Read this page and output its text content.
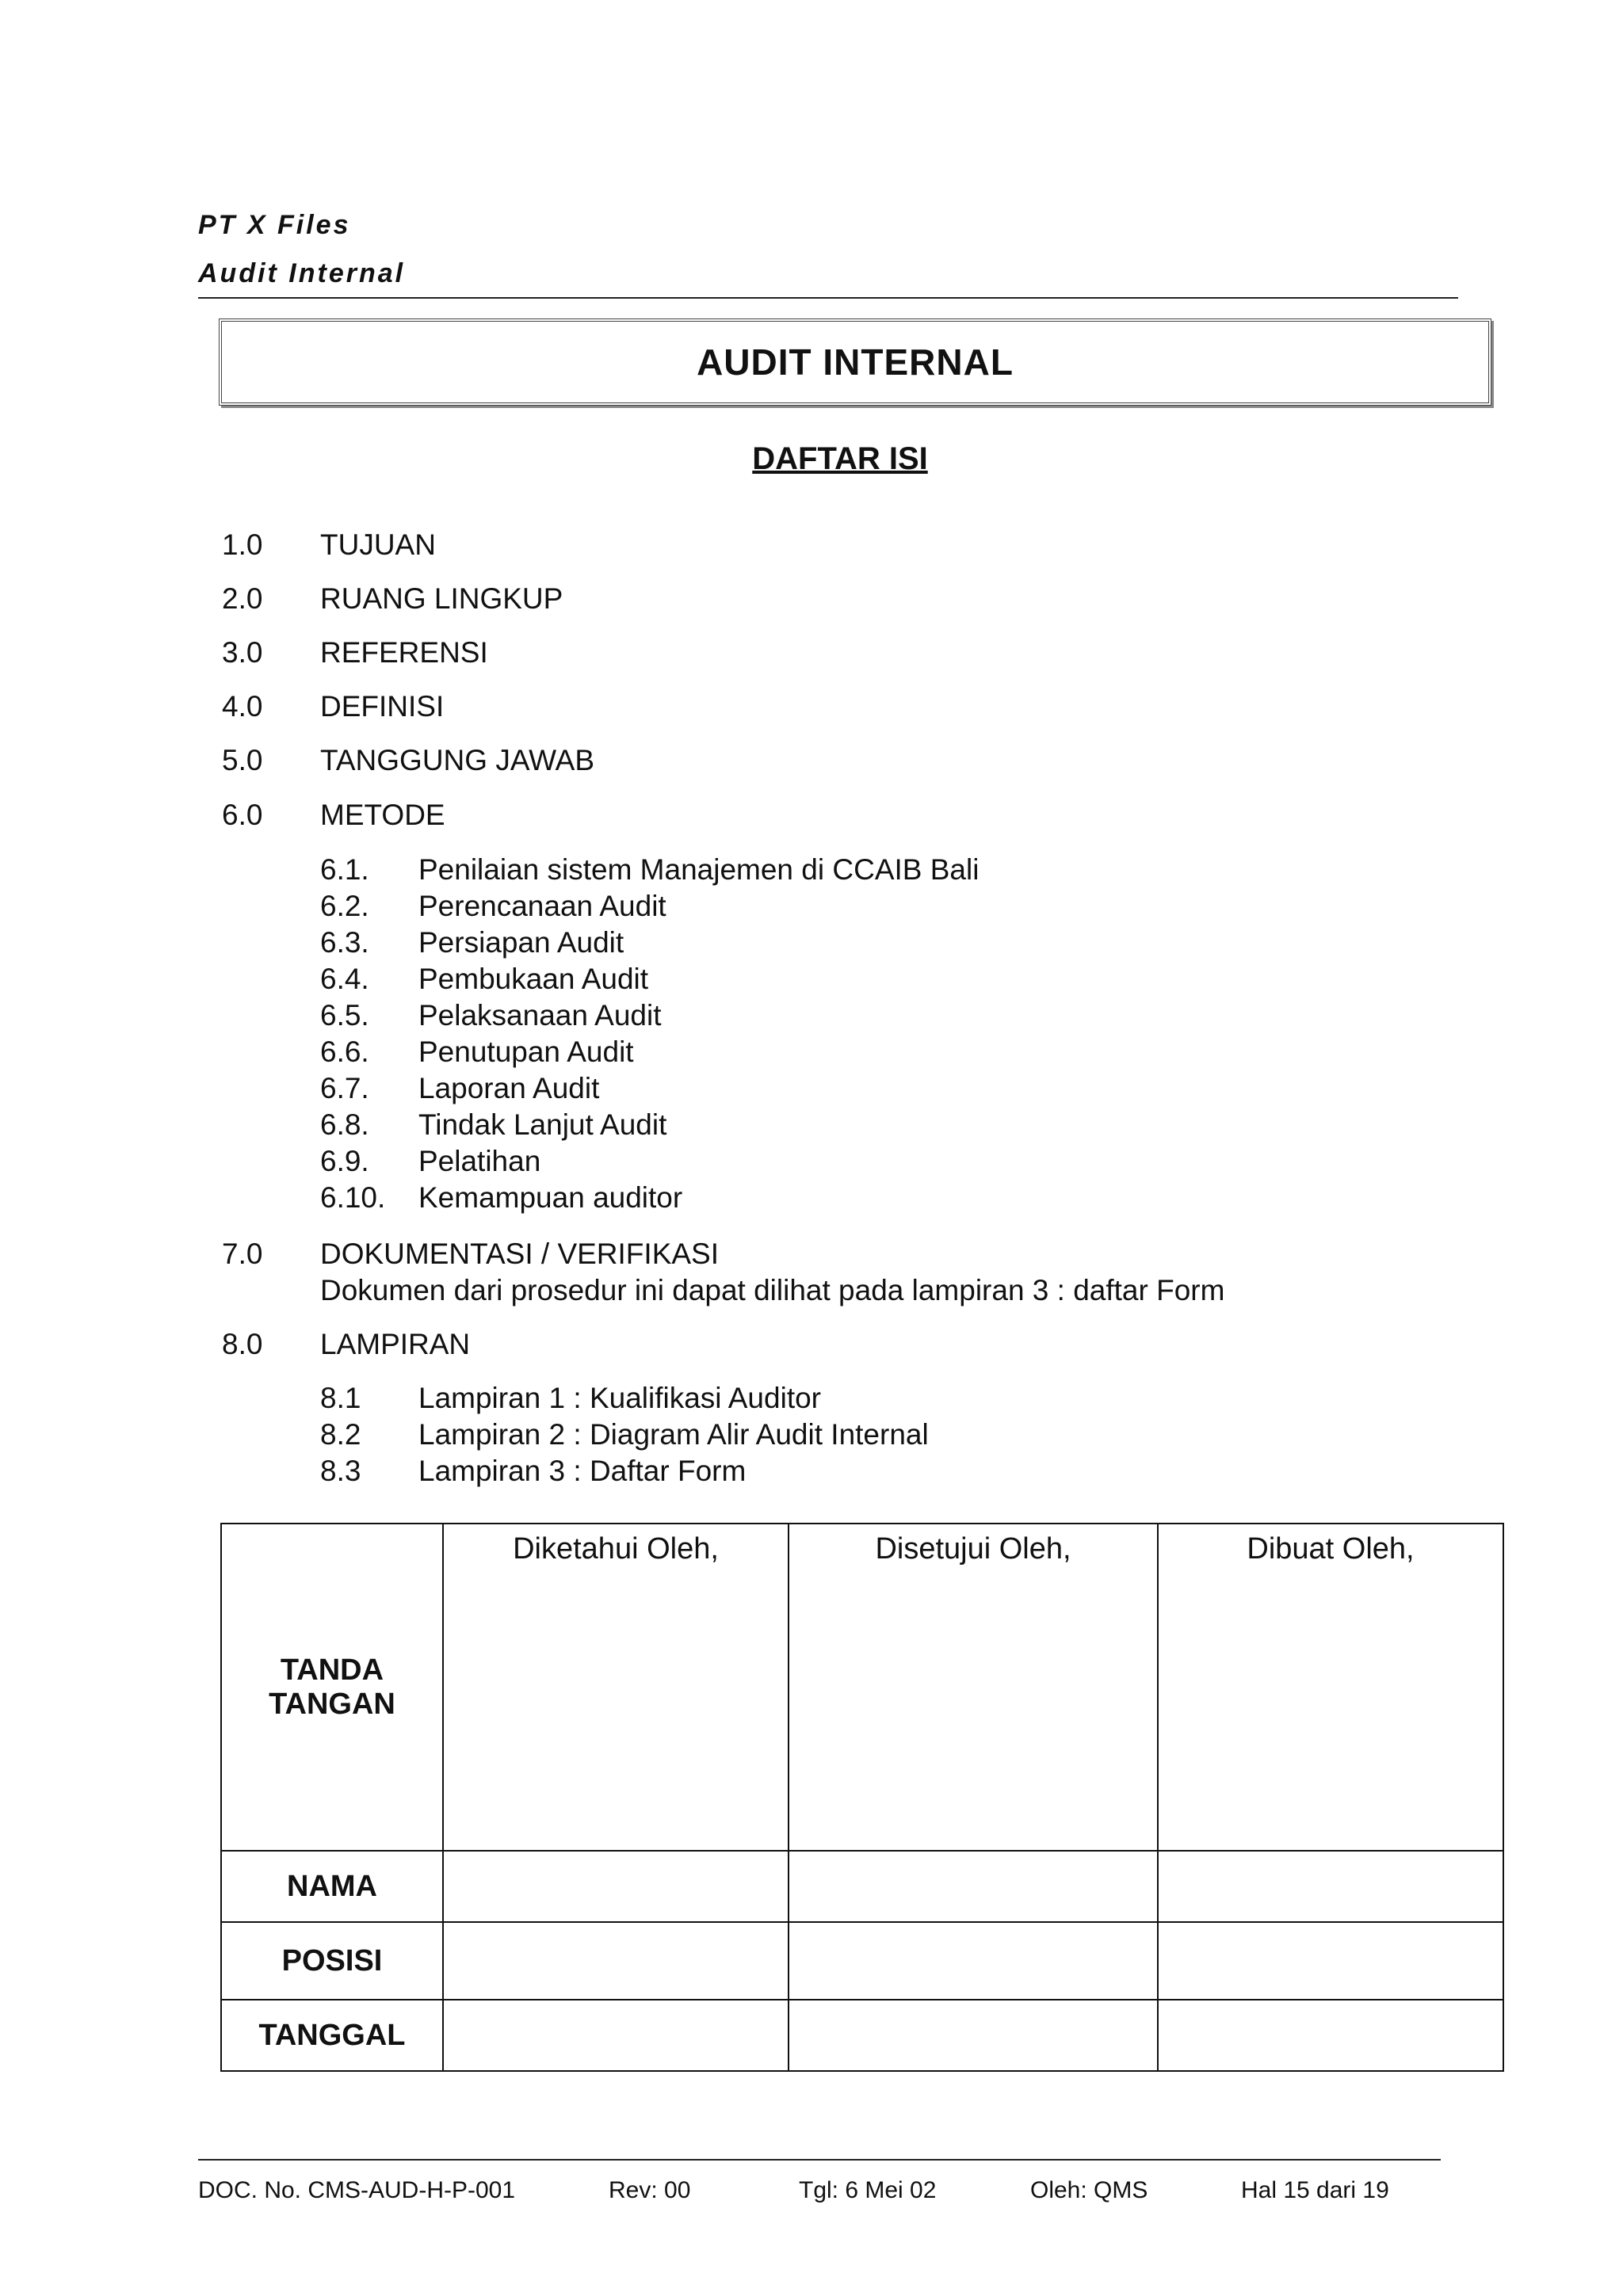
PT X Files
Audit Internal
AUDIT INTERNAL
DAFTAR ISI
1.0 TUJUAN
2.0 RUANG LINGKUP
3.0 REFERENSI
4.0 DEFINISI
5.0 TANGGUNG JAWAB
6.0 METODE
6.1. Penilaian sistem Manajemen di CCAIB Bali
6.2. Perencanaan Audit
6.3. Persiapan Audit
6.4. Pembukaan Audit
6.5. Pelaksanaan Audit
6.6. Penutupan Audit
6.7. Laporan Audit
6.8. Tindak Lanjut Audit
6.9. Pelatihan
6.10. Kemampuan auditor
7.0 DOKUMENTASI / VERIFIKASI
Dokumen dari prosedur ini dapat dilihat pada lampiran 3 : daftar Form
8.0 LAMPIRAN
8.1 Lampiran 1 : Kualifikasi Auditor
8.2 Lampiran 2 : Diagram Alir Audit Internal
8.3 Lampiran 3 : Daftar Form
TANDA TANGAN	Diketahui Oleh,	Disetujui Oleh,	Dibuat Oleh,
NAMA			
POSISI			
TANGGAL			
DOC. No. CMS-AUD-H-P-001	Rev: 00	Tgl: 6 Mei 02	Oleh: QMS	Hal 15 dari 19
